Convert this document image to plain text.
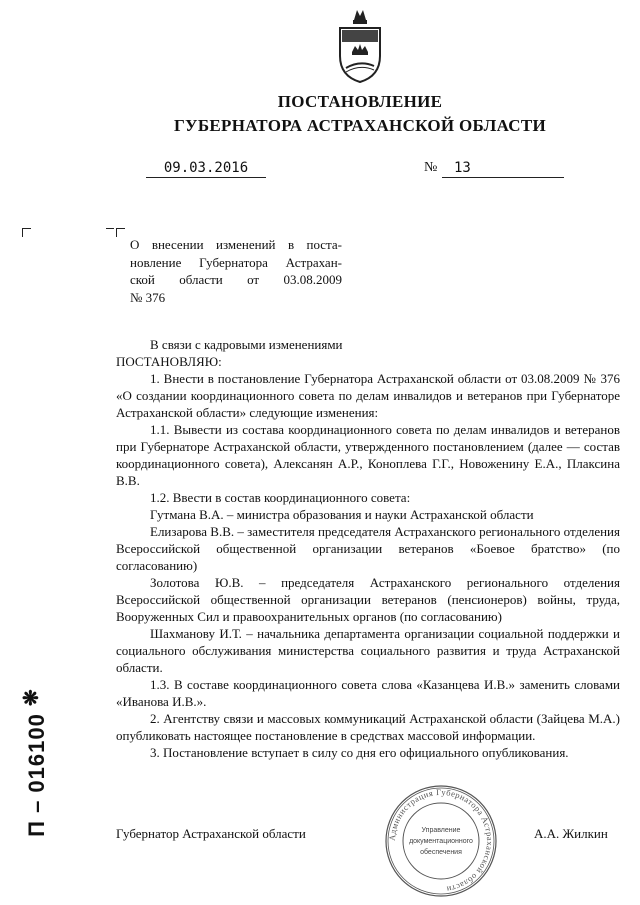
ПОСТАНОВЛЕНИЕ
ГУБЕРНАТОРА АСТРАХАНСКОЙ ОБЛАСТИ
09.03.2016	№	13
О внесении изменений в поста-
новление Губернатора Астрахан-
ской области от 03.08.2009
№ 376

В связи с кадровыми изменениями

ПОСТАНОВЛЯЮ:

1. Внести в постановление Губернатора Астраханской области от 03.08.2009 № 376 «О создании координационного совета по делам инвалидов и ветеранов при Губернаторе Астраханской области» следующие изменения:

1.1. Вывести из состава координационного совета по делам инвалидов и ветеранов при Губернаторе Астраханской области, утвержденного постановлением (далее — состав координационного совета), Алексанян А.Р., Коноплева Г.Г., Новоженину Е.А., Плаксина В.В.

1.2. Ввести в состав координационного совета:

Гутмана В.А. – министра образования и науки Астраханской области

Елизарова В.В. – заместителя председателя Астраханского регионального отделения Всероссийской общественной организации ветеранов «Боевое братство» (по согласованию)

Золотова Ю.В. – председателя Астраханского регионального отделения Всероссийской общественной организации ветеранов (пенсионеров) войны, труда, Вооруженных Сил и правоохранительных органов (по согласованию)

Шахманову И.Т. – начальника департамента организации социальной поддержки и социального обслуживания министерства социального развития и труда Астраханской области.

1.3. В составе координационного совета слова «Казанцева И.В.» заменить словами «Иванова И.В.».

2. Агентству связи и массовых коммуникаций Астраханской области (Зайцева М.А.) опубликовать настоящее постановление в средствах массовой информации.

3. Постановление вступает в силу со дня его официального опубликования.

Администрация Губернатора Астраханской области
Управление
документационного
обеспечения
Губернатор Астраханской области	А.А. Жилкин
❋
П – 016100
